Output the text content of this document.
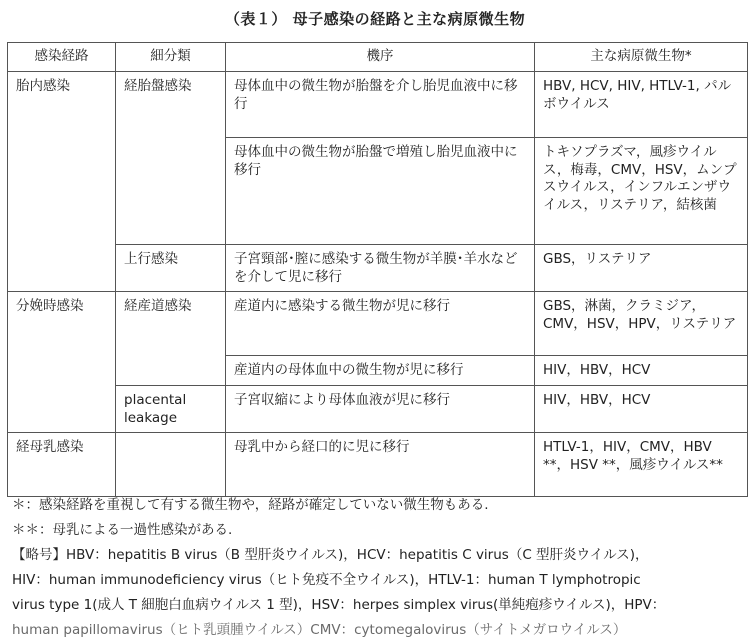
（表１） 母子感染の経路と主な病原微生物
感染経路	細分類	機序	主な病原微生物*
胎内感染	経胎盤感染	母体血中の微生物が胎盤を介し胎児血液中に移行	HBV, HCV, HIV, HTLV-1, パルボウイルス
		母体血中の微生物が胎盤で増殖し胎児血液中に移行	トキソプラズマ，風疹ウイルス，梅毒，CMV，HSV，ムンプスウイルス，インフルエンザウイルス，リステリア，結核菌
	上行感染	子宮頸部･膣に感染する微生物が羊膜･羊水などを介して児に移行	GBS，リステリア
分娩時感染	経産道感染	産道内に感染する微生物が児に移行	GBS，淋菌，クラミジア，CMV，HSV，HPV，リステリア
		産道内の母体血中の微生物が児に移行	HIV，HBV，HCV
	placental leakage	子宮収縮により母体血液が児に移行	HIV，HBV，HCV
経母乳感染		母乳中から経口的に児に移行	HTLV-1，HIV，CMV，HBV **，HSV **，風疹ウイルス**
＊：感染経路を重視して有する微生物や，経路が確定していない微生物もある.
＊＊：母乳による一過性感染がある.
【略号】HBV：hepatitis B virus（B 型肝炎ウイルス)，HCV：hepatitis C virus（C 型肝炎ウイルス)，
HIV：human immunodeficiency virus（ヒト免疫不全ウイルス)，HTLV-1：human T lymphotropic
virus type 1(成人 T 細胞白血病ウイルス 1 型)，HSV：herpes simplex virus(単純疱疹ウイルス)，HPV：
human papillomavirus（ヒト乳頭腫ウイルス）CMV：cytomegalovirus（サイトメガロウイルス）
